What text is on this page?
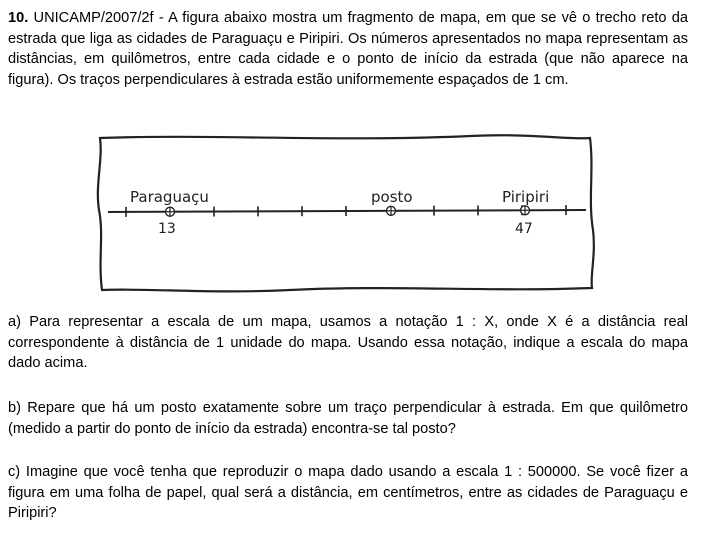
10. UNICAMP/2007/2f - A figura abaixo mostra um fragmento de mapa, em que se vê o trecho reto da estrada que liga as cidades de Paraguaçu e Piripiri. Os números apresentados no mapa representam as distâncias, em quilômetros, entre cada cidade e o ponto de início da estrada (que não aparece na figura). Os traços perpendiculares à estrada estão uniformemente espaçados de 1 cm.

Paraguaçu
13
posto	Piripiri
47

a) Para representar a escala de um mapa, usamos a notação 1 : X, onde X é a distância real correspondente à distância de 1 unidade do mapa. Usando essa notação, indique a escala do mapa dado acima.

b) Repare que há um posto exatamente sobre um traço perpendicular à estrada. Em que quilômetro (medido a partir do ponto de início da estrada) encontra-se tal posto?

c) Imagine que você tenha que reproduzir o mapa dado usando a escala 1 : 500000. Se você fizer a figura em uma folha de papel, qual será a distância, em centímetros, entre as cidades de Paraguaçu e Piripiri?
